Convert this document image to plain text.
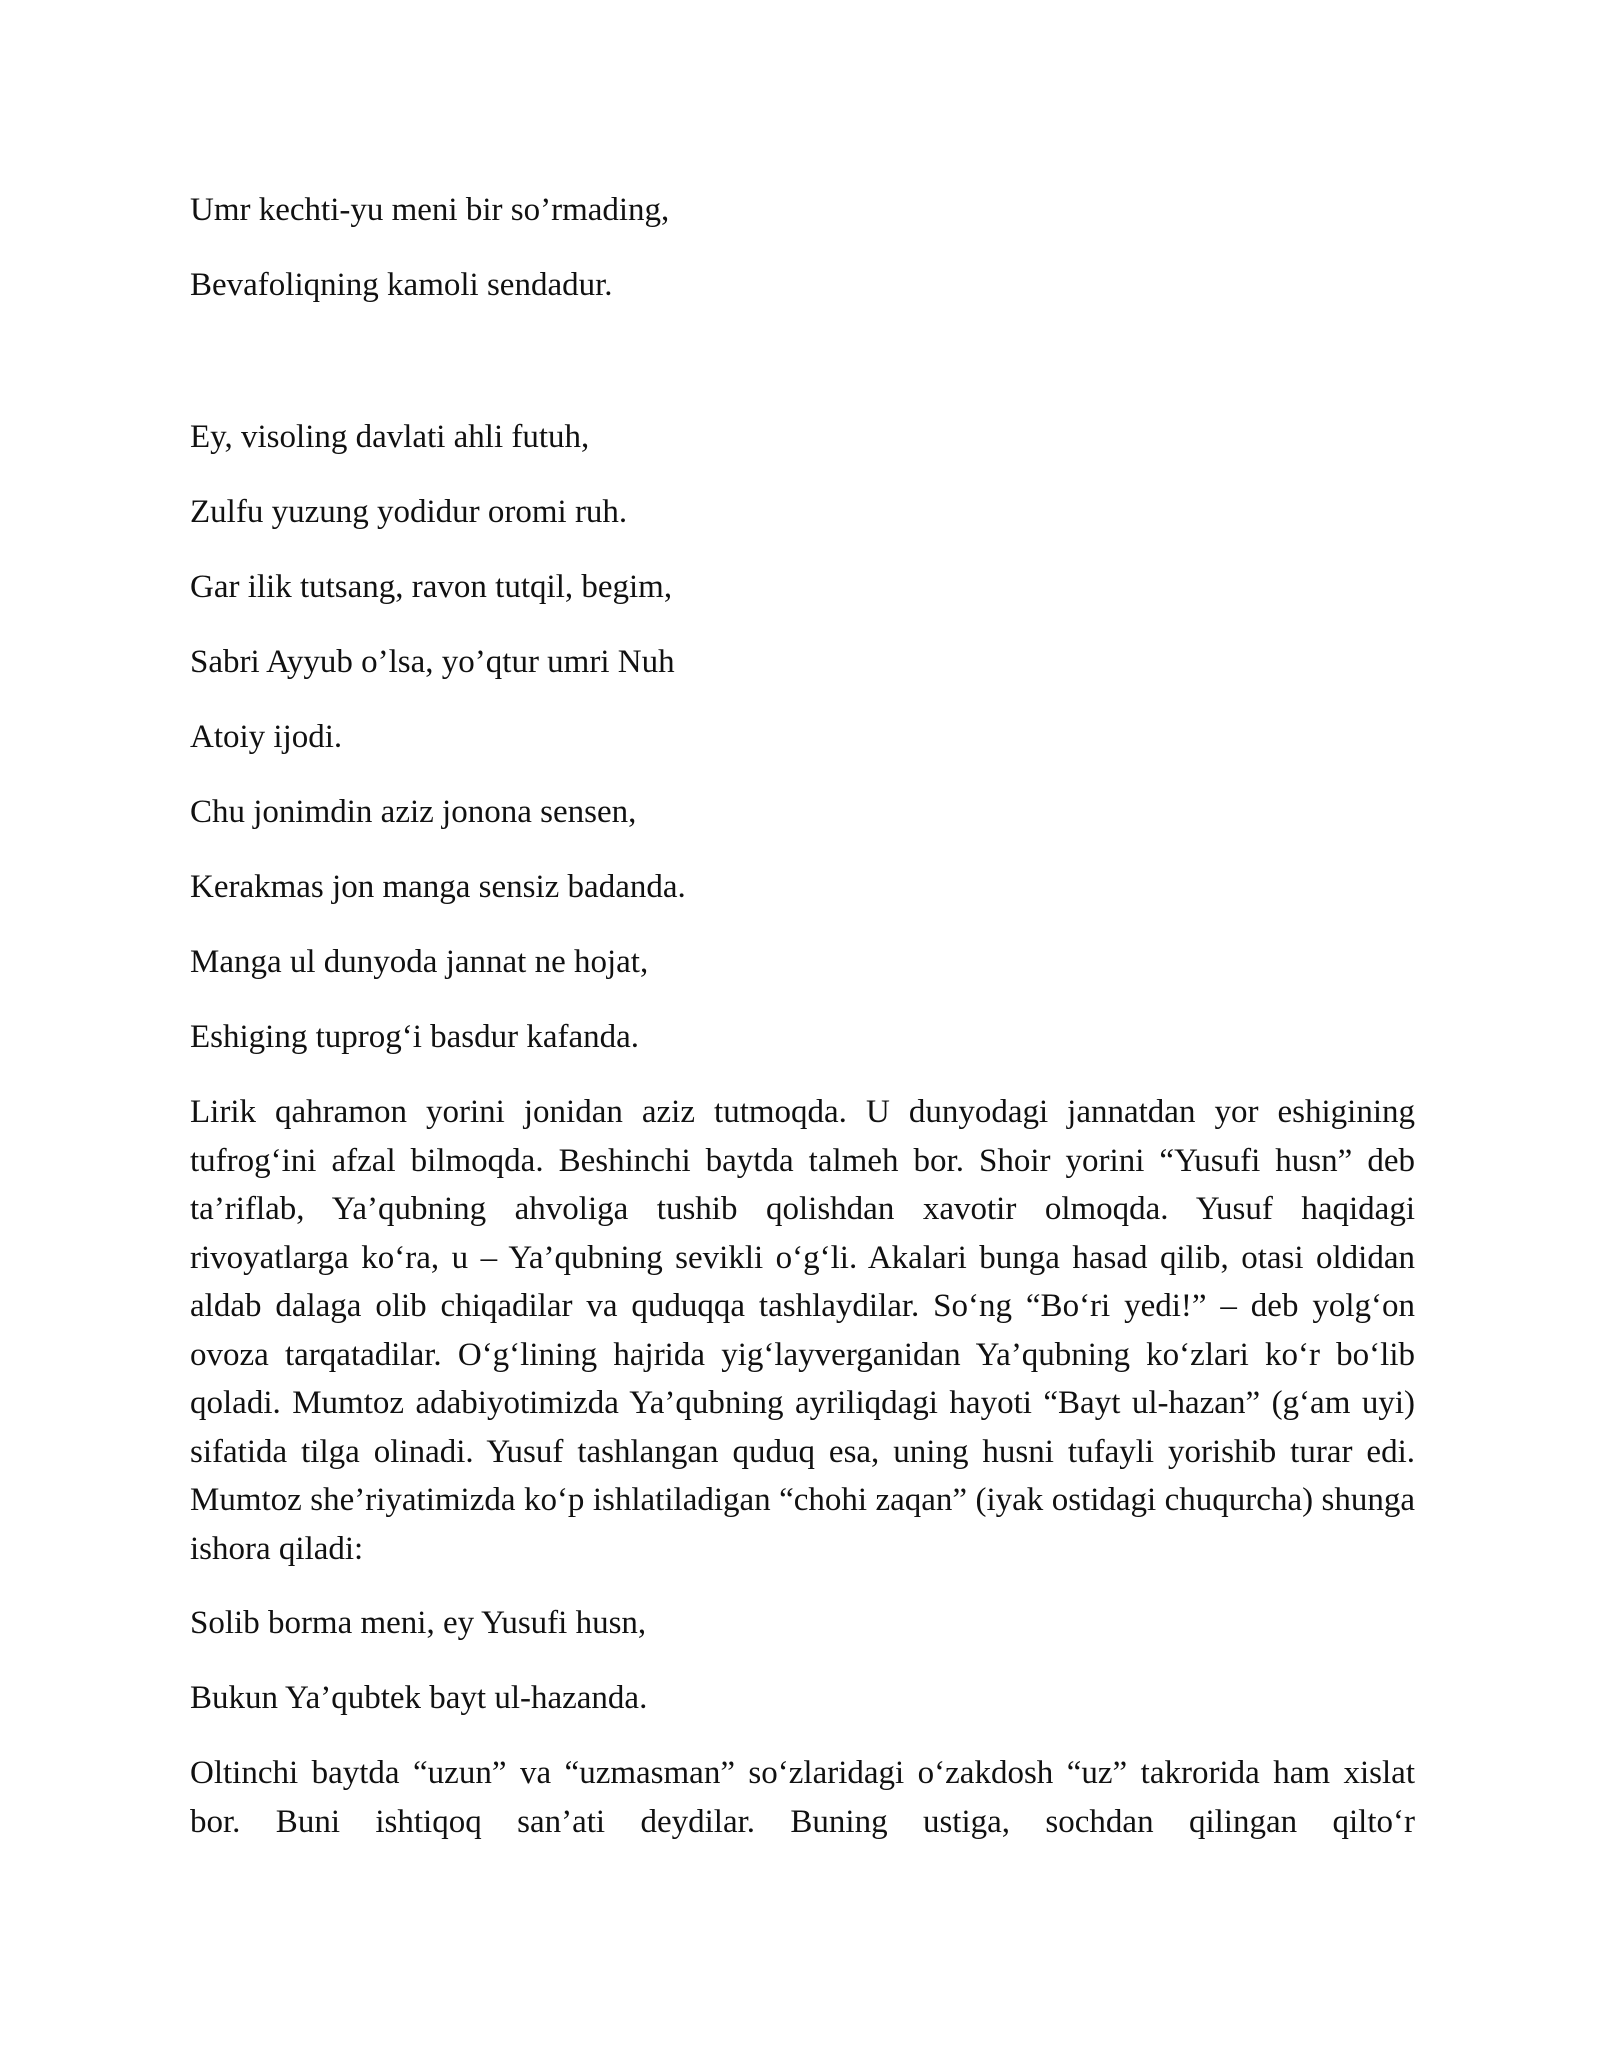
Umr kechti-yu meni bir so’rmading,
Bevafoliqning kamoli sendadur.
Ey, visoling davlati ahli futuh,
Zulfu yuzung yodidur oromi ruh.
Gar ilik tutsang, ravon tutqil, begim,
Sabri Ayyub o’lsa, yo’qtur umri Nuh
Atoiy ijodi.
Chu jonimdin aziz jonona sensen,
Kerakmas jon manga sensiz badanda.
Manga ul dunyoda jannat ne hojat,
Eshiging tuprog‘i basdur kafanda.

Lirik qahramon yorini jonidan aziz tutmoqda. U dunyodagi jannatdan yor eshigining tufrog‘ini afzal bilmoqda. Beshinchi baytda talmeh bor. Shoir yorini “Yusufi husn” deb ta’riflab, Ya’qubning ahvoliga tushib qolishdan xavotir olmoqda. Yusuf haqidagi rivoyatlarga ko‘ra, u – Ya’qubning sevikli o‘g‘li. Akalari bunga hasad qilib, otasi oldidan aldab dalaga olib chiqadilar va quduqqa tashlaydilar. So‘ng “Bo‘ri yedi!” – deb yolg‘on ovoza tarqatadilar. O‘g‘lining hajrida yig‘layverganidan Ya’qubning ko‘zlari ko‘r bo‘lib qoladi. Mumtoz adabiyotimizda Ya’qubning ayriliqdagi hayoti “Bayt ul-hazan” (g‘am uyi) sifatida tilga olinadi. Yusuf tashlangan quduq esa, uning husni tufayli yorishib turar edi. Mumtoz she’riyatimizda ko‘p ishlatiladigan “chohi zaqan” (iyak ostidagi chuqurcha) shunga ishora qiladi:

Solib borma meni, ey Yusufi husn,
Bukun Ya’qubtek bayt ul-hazanda.

Oltinchi baytda “uzun” va “uzmasman” so‘zlaridagi o‘zakdosh “uz” takrorida ham xislat bor. Buni ishtiqoq san’ati deydilar. Buning ustiga, sochdan qilingan qilto‘r
